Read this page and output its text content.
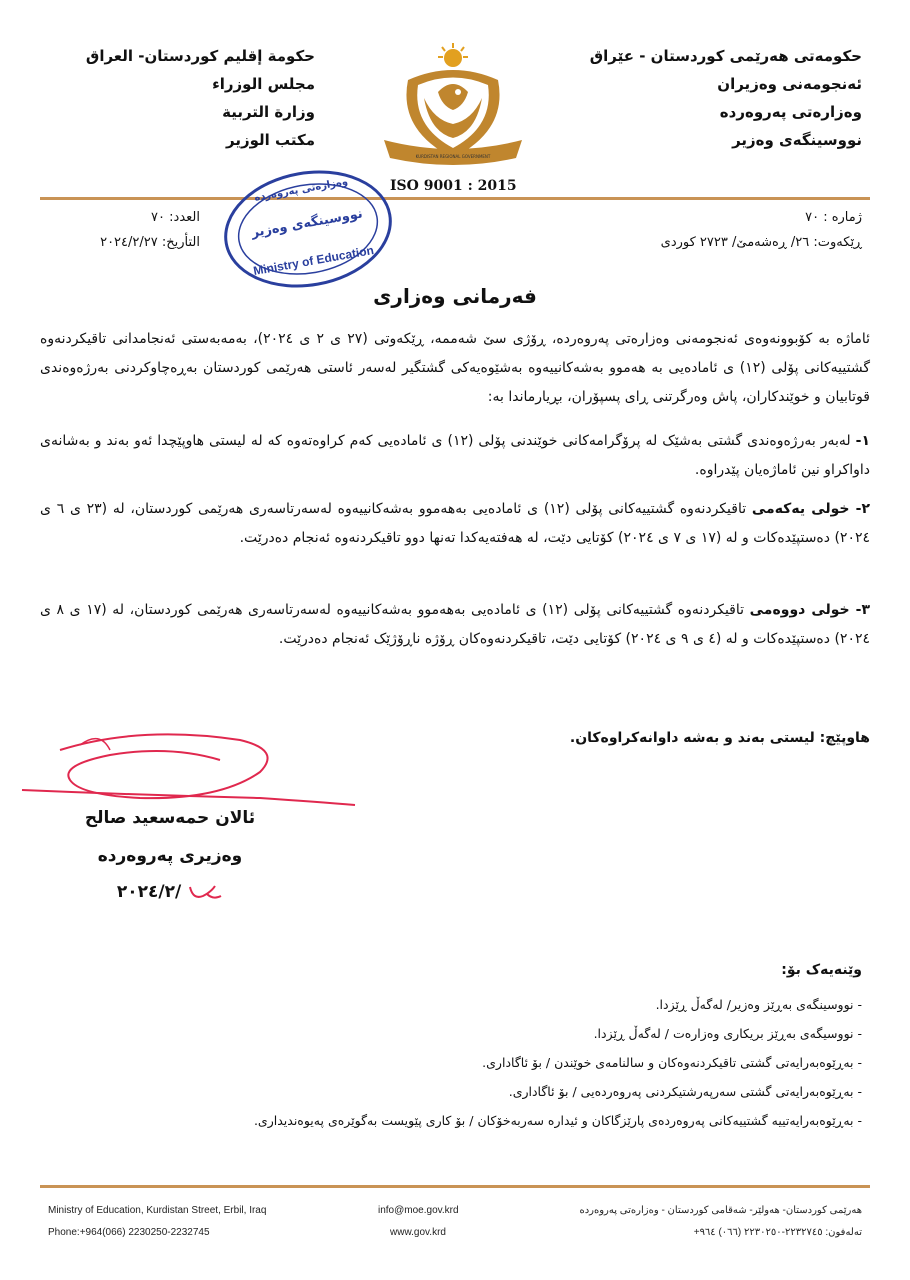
حکومەتی هەرێمی کوردستان - عێراق
ئەنجومەنی وەزیران
وەزارەتی پەروەردە
نووسینگەی وەزیر
حكومة إقليم كوردستان- العراق
مجلس الوزراء
وزارة التربية
مكتب الوزير
KURDISTAN REGIONAL GOVERNMENT
ISO 9001 : 2015
وەزارەتی پەروەردە
نووسینگەی وەزیر
Ministry of Education
ژمارە : ٧٠
ڕێکەوت: ٢٦/ ڕەشەمێ/ ٢٧٢٣ کوردی
العدد: ٧٠
التأريخ: ٢٠٢٤/٢/٢٧
فەرمانی وەزاری
ئاماژە بە کۆبوونەوەی ئەنجومەنی وەزارەتی پەروەردە، ڕۆژی سێ شەممە، ڕێکەوتی (٢٧ ی ٢ ی ٢٠٢٤)، بەمەبەستی ئەنجامدانی تاقیکردنەوە گشتییەکانی پۆلی (١٢) ی ئامادەیی بە هەموو بەشەکانییەوە بەشێوەیەکی گشتگیر لەسەر ئاستی هەرێمی کوردستان بەڕەچاوکردنی بەرژەوەندی قوتابیان و خوێندکاران، پاش وەرگرتنی ڕای پسپۆران، بڕیارماندا بە:
١- لەبەر بەرژەوەندی گشتی بەشێک لە پرۆگرامەکانی خوێندنی پۆلی (١٢) ی ئامادەیی کەم کراوەتەوە کە لە لیستی هاوپێچدا ئەو بەند و بەشانەی داواکراو نین ئاماژەیان پێدراوە.
٢- خولی یەکەمی تاقیکردنەوە گشتییەکانی پۆلی (١٢) ی ئامادەیی بەهەموو بەشەکانییەوە لەسەرتاسەری هەرێمی کوردستان، لە (٢٣ ی ٦ ی ٢٠٢٤) دەستپێدەکات و لە (١٧ ی ٧ ی ٢٠٢٤) کۆتایی دێت، لە هەفتەیەکدا تەنها دوو تاقیکردنەوە ئەنجام دەدرێت.
٣- خولی دووەمی تاقیکردنەوە گشتییەکانی پۆلی (١٢) ی ئامادەیی بەهەموو بەشەکانییەوە لەسەرتاسەری هەرێمی کوردستان، لە (١٧ ی ٨ ی ٢٠٢٤) دەستپێدەکات و لە (٤ ی ٩ ی ٢٠٢٤) کۆتایی دێت، تاقیکردنەوەکان ڕۆژە ناڕۆژێک ئەنجام دەدرێت.
هاوپێچ: لیستی بەند و بەشە داوانەکراوەکان.
ئالان حمەسعید صالح
وەزیری پەروەردە
٢٠٢٤/٢/
وێنەیەک بۆ:
- نووسینگەی بەڕێز وەزیر/ لەگەڵ ڕێزدا.
- نووسیگەی بەڕێز بریکاری وەزارەت / لەگەڵ ڕێزدا.
- بەڕێوەبەرایەتی گشتی تاقیکردنەوەکان و سالنامەی خوێندن / بۆ ئاگاداری.
- بەڕێوەبەرایەتی گشتی سەرپەرشتیکردنی پەروەردەیی / بۆ ئاگاداری.
- بەڕێوەبەرایەتییە گشتییەکانی پەروەردەی پارێزگاکان و ئیدارە سەربەخۆکان / بۆ کاری پێویست بەگوێرەی پەیوەندیداری.
Ministry of Education, Kurdistan Street, Erbil, Iraq
Phone:+964(066) 2230250-2232745
info@moe.gov.krd
www.gov.krd
هەرێمی کوردستان- هەولێر- شەقامی کوردستان - وەزارەتی پەروەردە
تەلەفون: ٢٢٣٢٧٤٥-٢٢٣٠٢٥٠ (٠٦٦) ٩٦٤+
